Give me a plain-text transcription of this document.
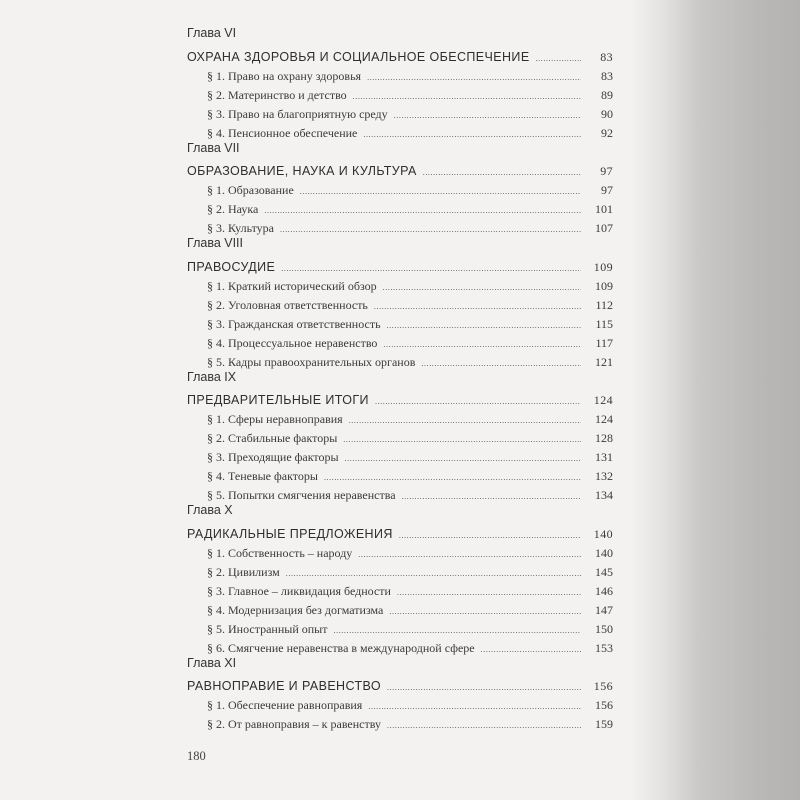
Глава VI
ОХРАНА ЗДОРОВЬЯ И СОЦИАЛЬНОЕ ОБЕСПЕЧЕНИЕ .....	83
§ 1. Право на охрану здоровья .....	83
§ 2. Материнство и детство .....	89
§ 3. Право на благоприятную среду .....	90
§ 4. Пенсионное обеспечение .....	92
Глава VII
ОБРАЗОВАНИЕ, НАУКА И КУЛЬТУРА .....	97
§ 1. Образование .....	97
§ 2. Наука .....	101
§ 3. Культура .....	107
Глава VIII
ПРАВОСУДИЕ .....	109
§ 1. Краткий исторический обзор .....	109
§ 2. Уголовная ответственность .....	112
§ 3. Гражданская ответственность .....	115
§ 4. Процессуальное неравенство .....	117
§ 5. Кадры правоохранительных органов .....	121
Глава IX
ПРЕДВАРИТЕЛЬНЫЕ ИТОГИ .....	124
§ 1. Сферы неравноправия .....	124
§ 2. Стабильные факторы .....	128
§ 3. Преходящие факторы .....	131
§ 4. Теневые факторы .....	132
§ 5. Попытки смягчения неравенства .....	134
Глава X
РАДИКАЛЬНЫЕ ПРЕДЛОЖЕНИЯ .....	140
§ 1. Собственность – народу .....	140
§ 2. Цивилизм .....	145
§ 3. Главное – ликвидация бедности .....	146
§ 4. Модернизация без догматизма .....	147
§ 5. Иностранный опыт .....	150
§ 6. Смягчение неравенства в международной сфере .....	153
Глава XI
РАВНОПРАВИЕ И РАВЕНСТВО .....	156
§ 1. Обеспечение равноправия .....	156
§ 2. От равноправия – к равенству .....	159
180
